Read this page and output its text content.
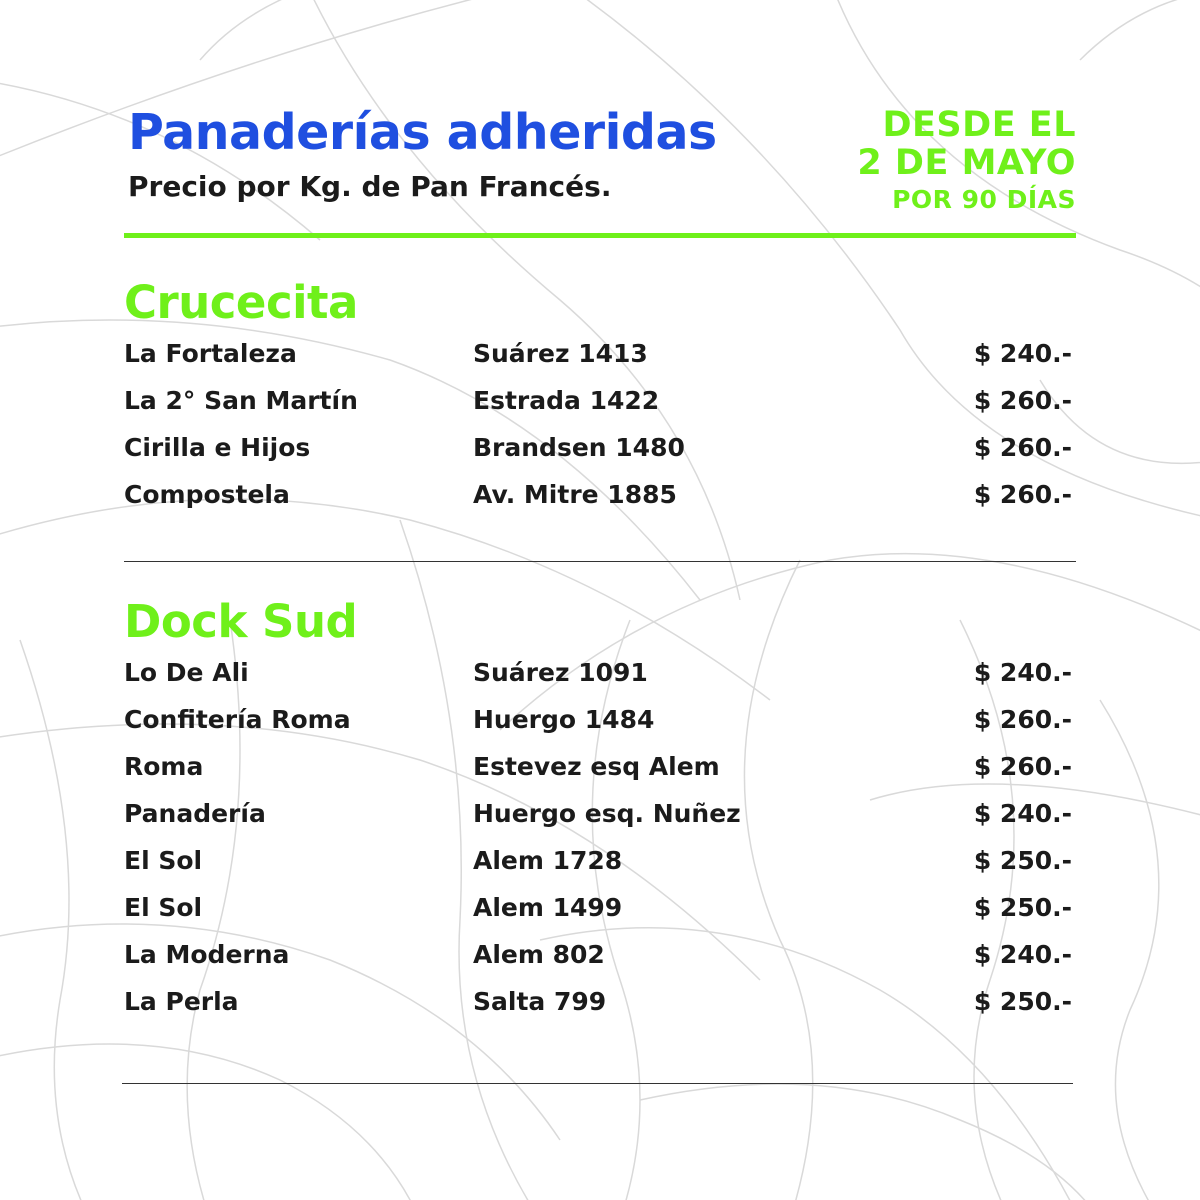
Panaderías adheridas
Precio por Kg. de Pan Francés.
DESDE EL
2 DE MAYO
POR 90 DÍAS
Crucecita
La Fortaleza	Suárez 1413	$ 240.-
La 2° San Martín	Estrada 1422	$ 260.-
Cirilla e Hijos	Brandsen 1480	$ 260.-
Compostela	Av. Mitre 1885	$ 260.-
Dock Sud
Lo De Ali	Suárez 1091	$ 240.-
Confitería Roma	Huergo 1484	$ 260.-
Roma	Estevez esq Alem	$ 260.-
Panadería	Huergo esq. Nuñez	$ 240.-
El Sol	Alem 1728	$ 250.-
El Sol	Alem 1499	$ 250.-
La Moderna	Alem 802	$ 240.-
La Perla	Salta 799	$ 250.-
